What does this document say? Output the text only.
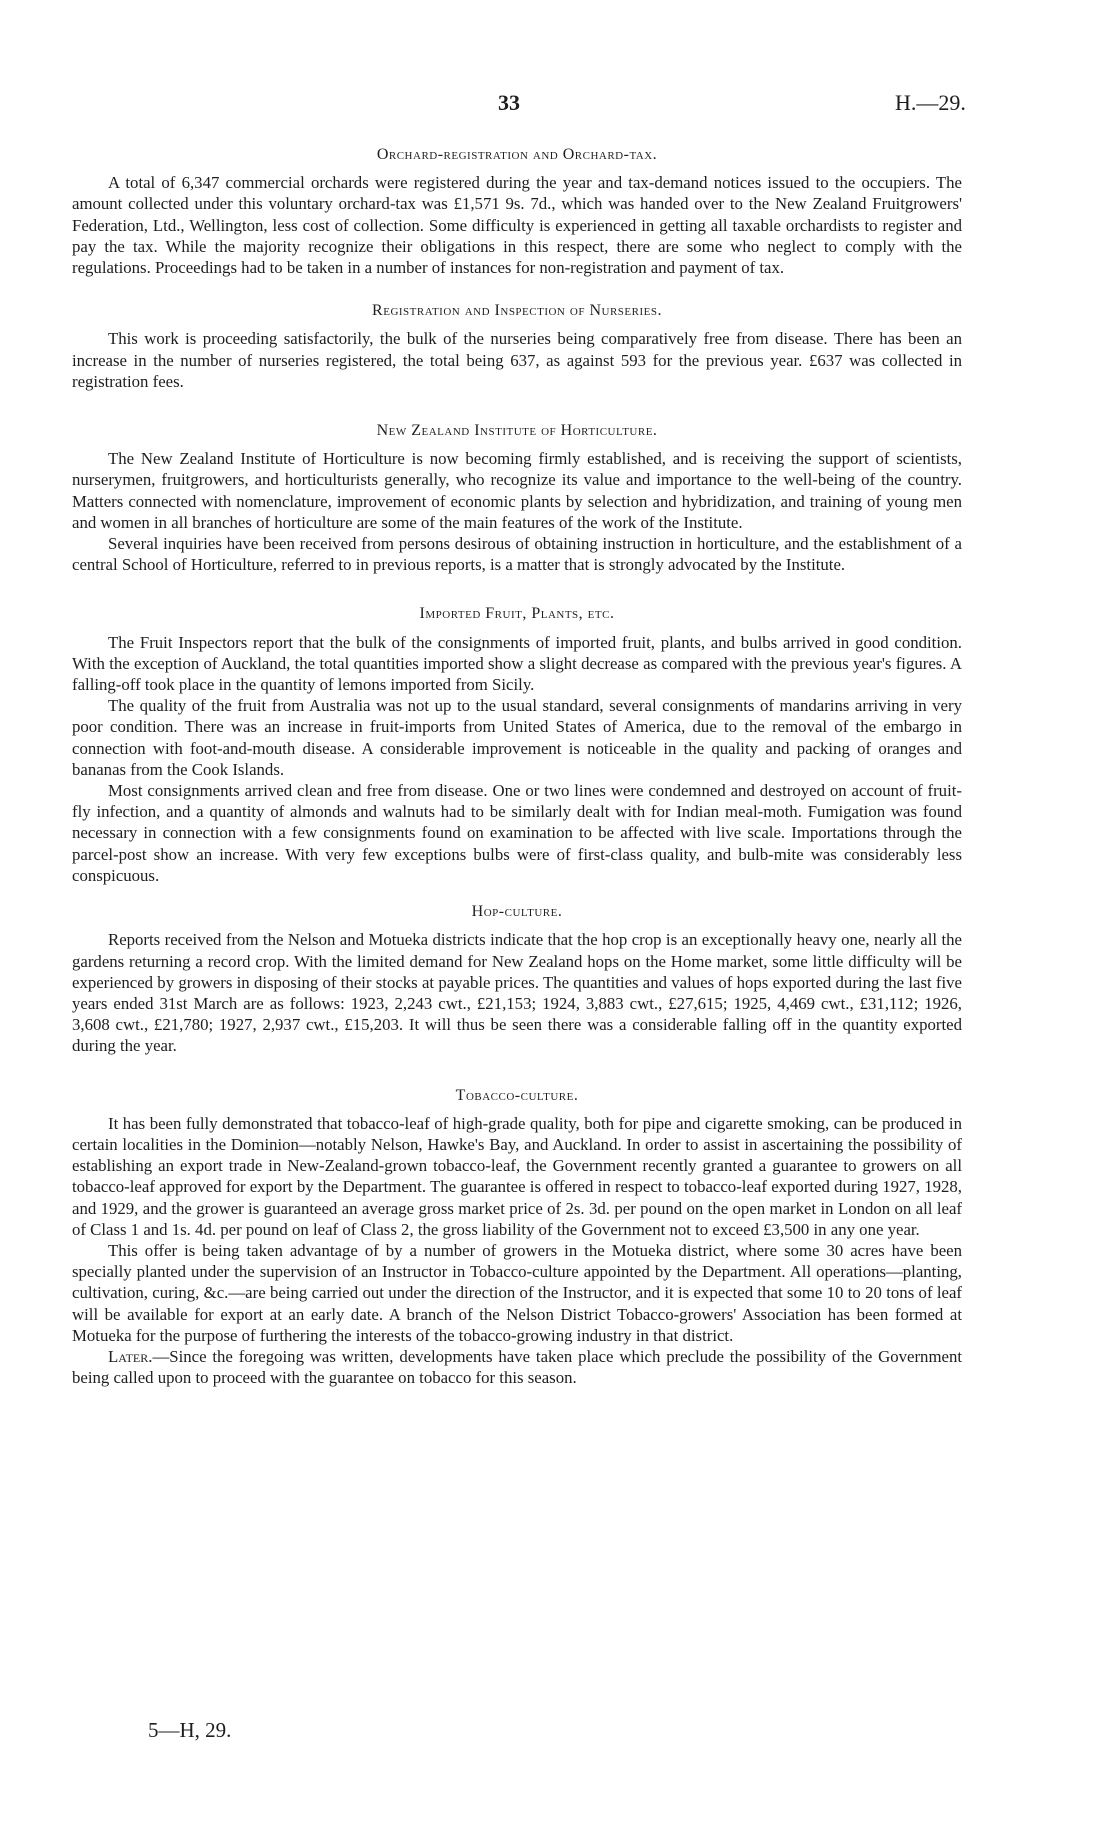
33	H.—29.
Orchard-registration and Orchard-tax.

A total of 6,347 commercial orchards were registered during the year and tax-demand notices issued to the occupiers. The amount collected under this voluntary orchard-tax was £1,571 9s. 7d., which was handed over to the New Zealand Fruitgrowers' Federation, Ltd., Wellington, less cost of collection. Some difficulty is experienced in getting all taxable orchardists to register and pay the tax. While the majority recognize their obligations in this respect, there are some who neglect to comply with the regulations. Proceedings had to be taken in a number of instances for non-registration and payment of tax.

Registration and Inspection of Nurseries.

This work is proceeding satisfactorily, the bulk of the nurseries being comparatively free from disease. There has been an increase in the number of nurseries registered, the total being 637, as against 593 for the previous year. £637 was collected in registration fees.

New Zealand Institute of Horticulture.

The New Zealand Institute of Horticulture is now becoming firmly established, and is receiving the support of scientists, nurserymen, fruitgrowers, and horticulturists generally, who recognize its value and importance to the well-being of the country. Matters connected with nomenclature, improvement of economic plants by selection and hybridization, and training of young men and women in all branches of horticulture are some of the main features of the work of the Institute.

Several inquiries have been received from persons desirous of obtaining instruction in horticulture, and the establishment of a central School of Horticulture, referred to in previous reports, is a matter that is strongly advocated by the Institute.

Imported Fruit, Plants, etc.

The Fruit Inspectors report that the bulk of the consignments of imported fruit, plants, and bulbs arrived in good condition. With the exception of Auckland, the total quantities imported show a slight decrease as compared with the previous year's figures. A falling-off took place in the quantity of lemons imported from Sicily.

The quality of the fruit from Australia was not up to the usual standard, several consignments of mandarins arriving in very poor condition. There was an increase in fruit-imports from United States of America, due to the removal of the embargo in connection with foot-and-mouth disease. A considerable improvement is noticeable in the quality and packing of oranges and bananas from the Cook Islands.

Most consignments arrived clean and free from disease. One or two lines were condemned and destroyed on account of fruit-fly infection, and a quantity of almonds and walnuts had to be similarly dealt with for Indian meal-moth. Fumigation was found necessary in connection with a few consignments found on examination to be affected with live scale. Importations through the parcel-post show an increase. With very few exceptions bulbs were of first-class quality, and bulb-mite was considerably less conspicuous.

Hop-culture.

Reports received from the Nelson and Motueka districts indicate that the hop crop is an exceptionally heavy one, nearly all the gardens returning a record crop. With the limited demand for New Zealand hops on the Home market, some little difficulty will be experienced by growers in disposing of their stocks at payable prices. The quantities and values of hops exported during the last five years ended 31st March are as follows: 1923, 2,243 cwt., £21,153; 1924, 3,883 cwt., £27,615; 1925, 4,469 cwt., £31,112; 1926, 3,608 cwt., £21,780; 1927, 2,937 cwt., £15,203. It will thus be seen there was a considerable falling off in the quantity exported during the year.

Tobacco-culture.

It has been fully demonstrated that tobacco-leaf of high-grade quality, both for pipe and cigarette smoking, can be produced in certain localities in the Dominion—notably Nelson, Hawke's Bay, and Auckland. In order to assist in ascertaining the possibility of establishing an export trade in New-Zealand-grown tobacco-leaf, the Government recently granted a guarantee to growers on all tobacco-leaf approved for export by the Department. The guarantee is offered in respect to tobacco-leaf exported during 1927, 1928, and 1929, and the grower is guaranteed an average gross market price of 2s. 3d. per pound on the open market in London on all leaf of Class 1 and 1s. 4d. per pound on leaf of Class 2, the gross liability of the Government not to exceed £3,500 in any one year.

This offer is being taken advantage of by a number of growers in the Motueka district, where some 30 acres have been specially planted under the supervision of an Instructor in Tobacco-culture appointed by the Department. All operations—planting, cultivation, curing, &c.—are being carried out under the direction of the Instructor, and it is expected that some 10 to 20 tons of leaf will be available for export at an early date. A branch of the Nelson District Tobacco-growers' Association has been formed at Motueka for the purpose of furthering the interests of the tobacco-growing industry in that district.

Later.—Since the foregoing was written, developments have taken place which preclude the possibility of the Government being called upon to proceed with the guarantee on tobacco for this season.

5—H, 29.
